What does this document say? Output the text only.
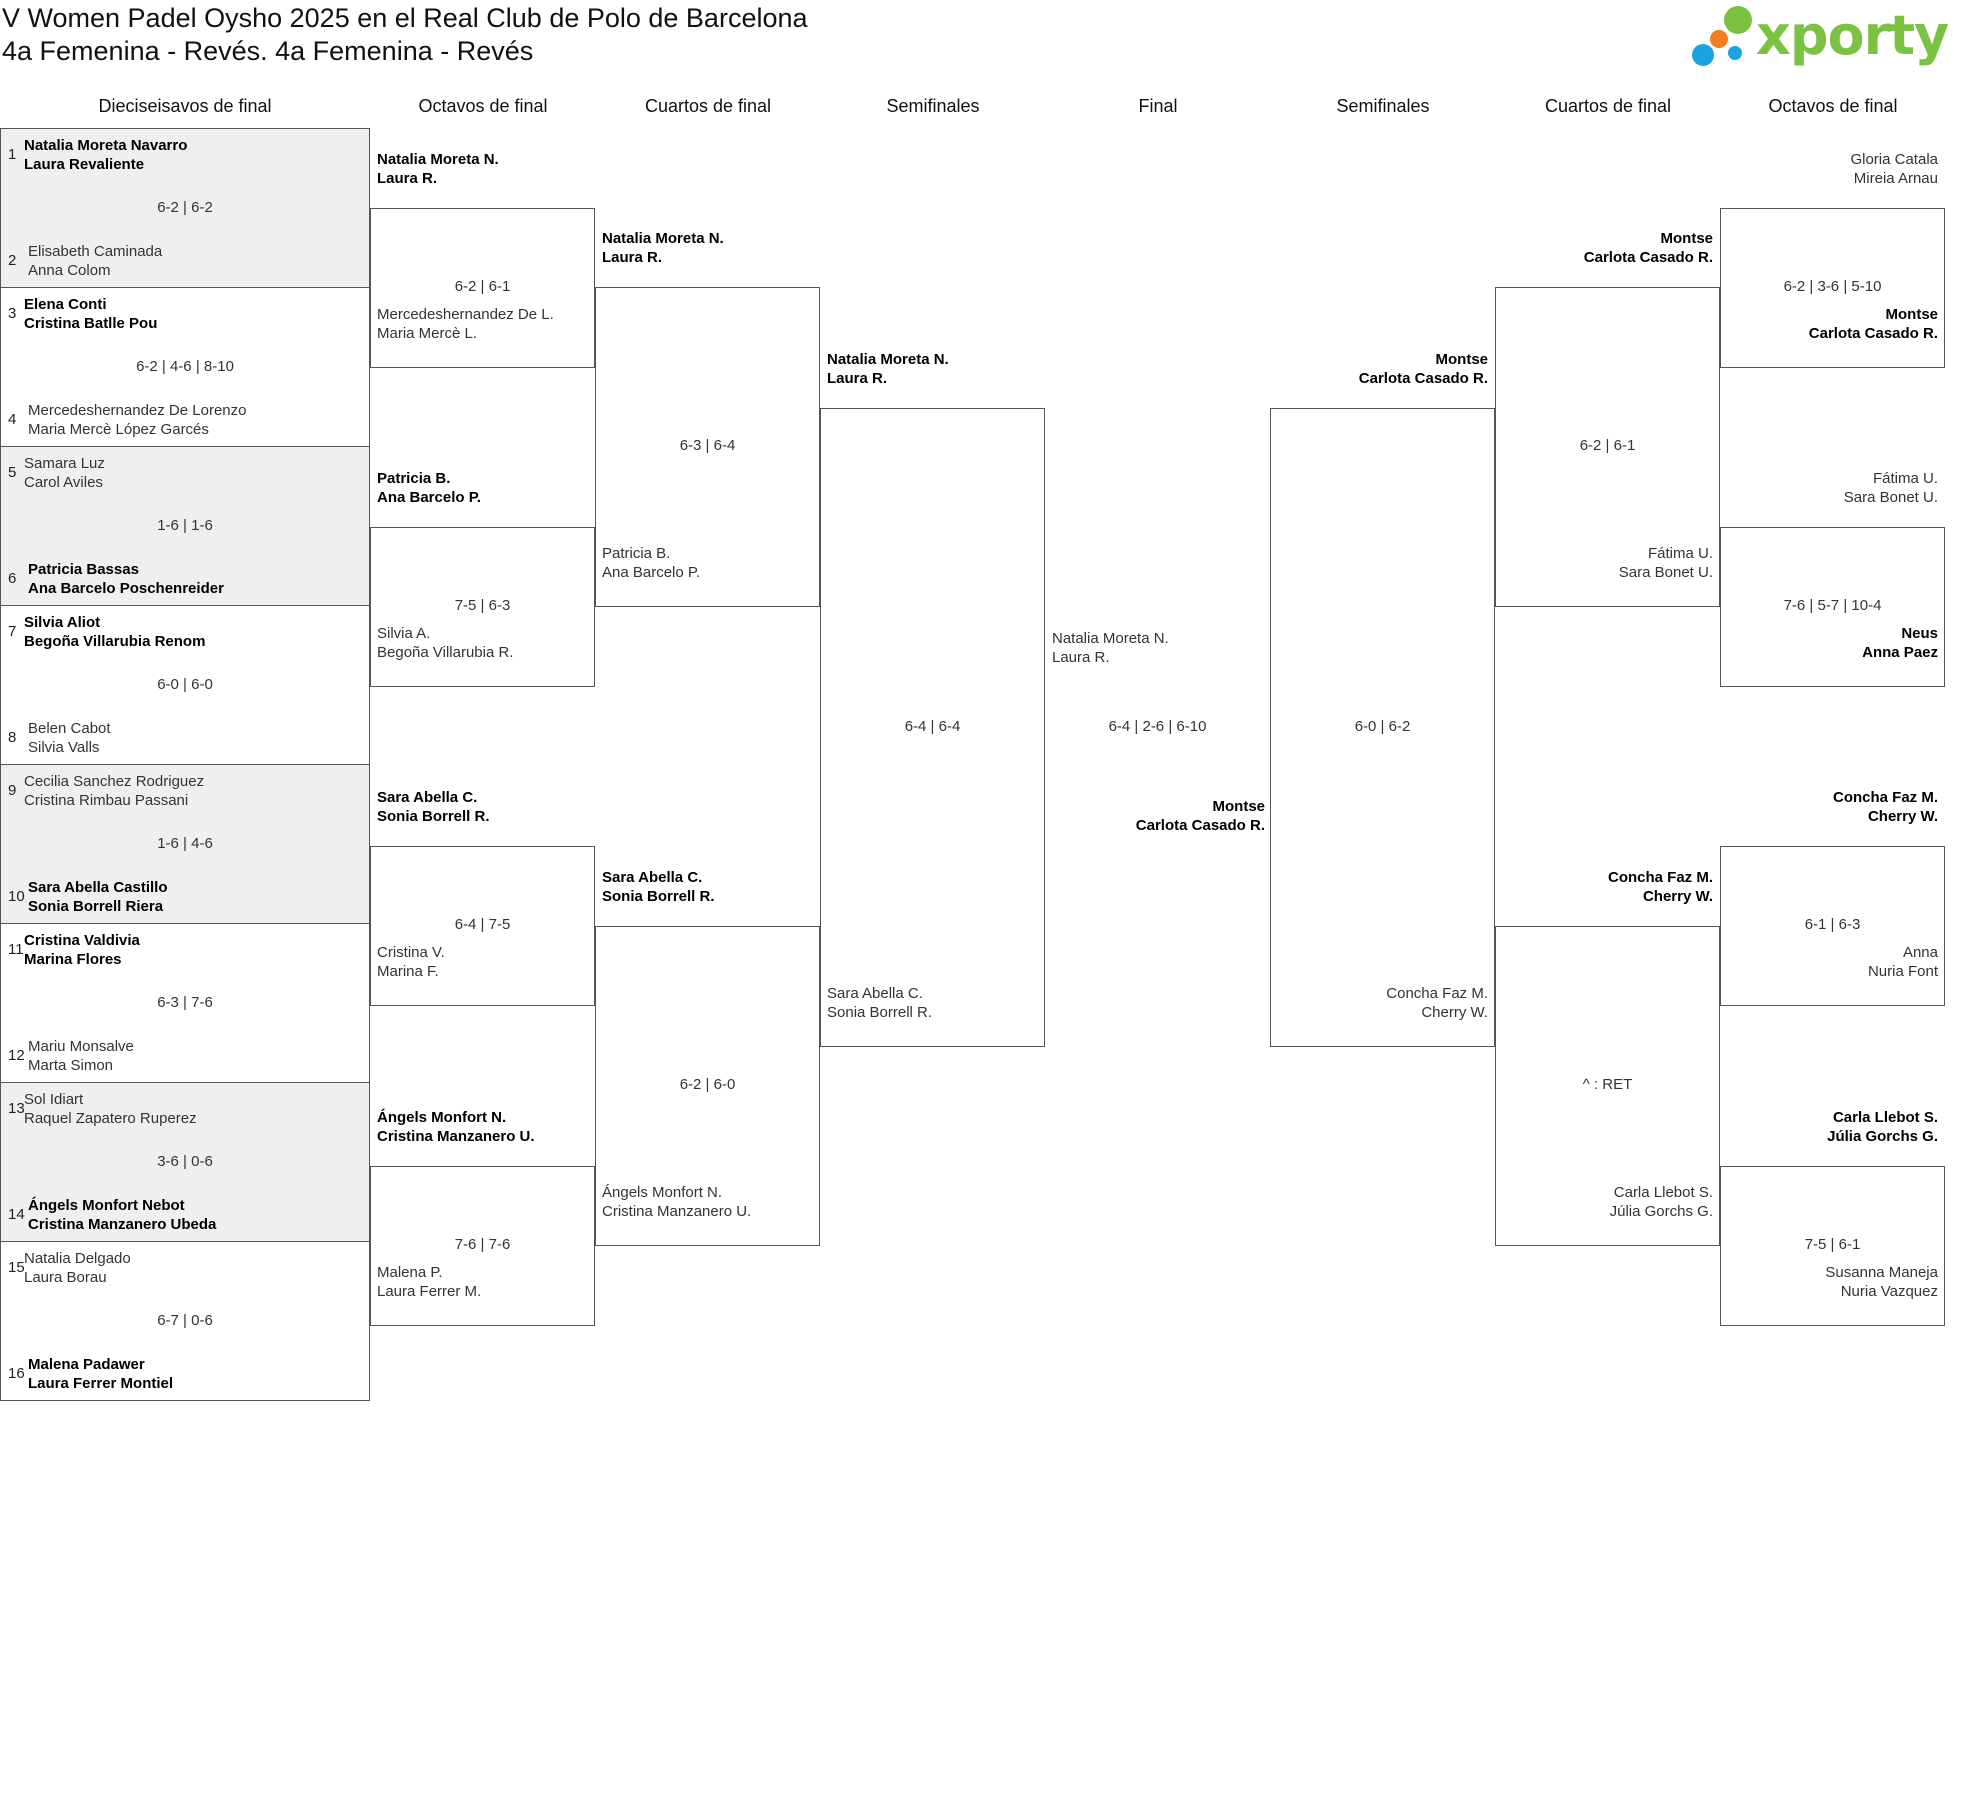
V Women Padel Oysho 2025 en el Real Club de Polo de Barcelona
4a Femenina - Revés. 4a Femenina - Revés	xporty
Dieciseisavos de final	Octavos de final	Cuartos de final	Semifinales	Final	Semifinales	Cuartos de final	Octavos de final
1
Natalia Moreta Navarro
Laura Revaliente
6-2 | 6-2
2
Elisabeth Caminada
Anna Colom
3
Elena Conti
Cristina Batlle Pou
6-2 | 4-6 | 8-10
4
Mercedeshernandez De Lorenzo
Maria Mercè López Garcés
5
Samara Luz
Carol Aviles
1-6 | 1-6
6
Patricia Bassas
Ana Barcelo Poschenreider
7
Silvia Aliot
Begoña Villarubia Renom
6-0 | 6-0
8
Belen Cabot
Silvia Valls
9
Cecilia Sanchez Rodriguez
Cristina Rimbau Passani
1-6 | 4-6
10
Sara Abella Castillo
Sonia Borrell Riera
11
Cristina Valdivia
Marina Flores
6-3 | 7-6
12
Mariu Monsalve
Marta Simon
13
Sol Idiart
Raquel Zapatero Ruperez
3-6 | 0-6
14
Ángels Monfort Nebot
Cristina Manzanero Ubeda
15
Natalia Delgado
Laura Borau
6-7 | 0-6
16
Malena Padawer
Laura Ferrer Montiel
Natalia Moreta N.
Laura R.
Mercedeshernandez De L.
Maria Mercè L.
6-2 | 6-1
Patricia B.
Ana Barcelo P.
Silvia A.
Begoña Villarubia R.
7-5 | 6-3
Sara Abella C.
Sonia Borrell R.
Cristina V.
Marina F.
6-4 | 7-5
Ángels Monfort N.
Cristina Manzanero U.
Malena P.
Laura Ferrer M.
7-6 | 7-6
Natalia Moreta N.
Laura R.
Patricia B.
Ana Barcelo P.
6-3 | 6-4
Sara Abella C.
Sonia Borrell R.
Ángels Monfort N.
Cristina Manzanero U.
6-2 | 6-0
Natalia Moreta N.
Laura R.
Sara Abella C.
Sonia Borrell R.
6-4 | 6-4
Montse
Carlota Casado R.
Natalia Moreta N.
Laura R.
6-4 | 2-6 | 6-10
Montse
Carlota Casado R.
Concha Faz M.
Cherry W.
6-0 | 6-2
Montse
Carlota Casado R.
Fátima U.
Sara Bonet U.
6-2 | 6-1
Concha Faz M.
Cherry W.
Carla Llebot S.
Júlia Gorchs G.
^ : RET
Gloria Catala
Mireia Arnau
Montse
Carlota Casado R.
6-2 | 3-6 | 5-10
Fátima U.
Sara Bonet U.
Neus
Anna Paez
7-6 | 5-7 | 10-4
Concha Faz M.
Cherry W.
Anna
Nuria Font
6-1 | 6-3
Carla Llebot S.
Júlia Gorchs G.
Susanna Maneja
Nuria Vazquez
7-5 | 6-1
